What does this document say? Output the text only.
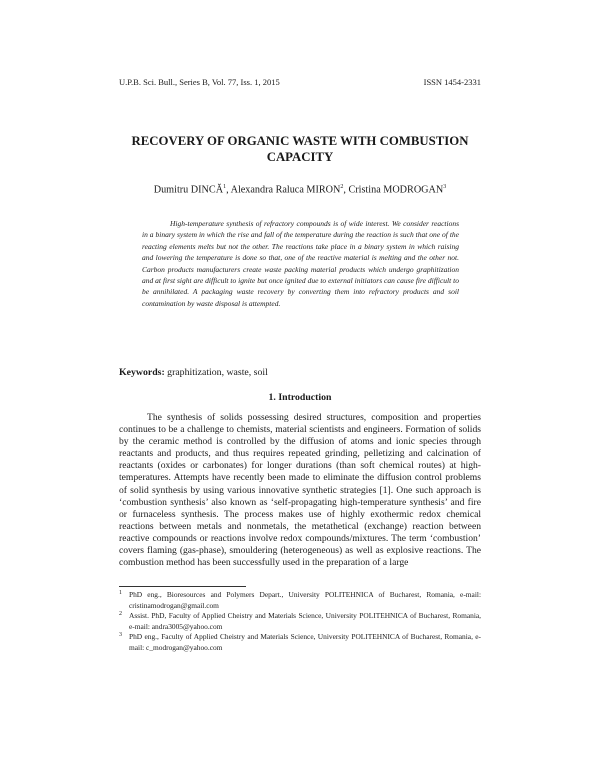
U.P.B. Sci. Bull., Series B, Vol. 77, Iss. 1, 2015	ISSN 1454-2331
RECOVERY OF ORGANIC WASTE WITH COMBUSTION
CAPACITY
Dumitru DINCĂ$^1$, Alexandra Raluca MIRON$^2$, Cristina MODROGAN$^3$

High-temperature synthesis of refractory compounds is of wide interest. We consider reactions in a binary system in which the rise and fall of the temperature during the reaction is such that one of the reacting elements melts but not the other. The reactions take place in a binary system in which raising and lowering the temperature is done so that, one of the reactive material is melting and the other not. Carbon products manufacturers create waste packing material products which undergo graphitization and at first sight are difficult to ignite but once ignited due to external initiators can cause fire difficult to be annihilated. A packaging waste recovery by converting them into refractory products and soil contamination by waste disposal is attempted.

Keywords: graphitization, waste, soil
1. Introduction

The synthesis of solids possessing desired structures, composition and properties continues to be a challenge to chemists, material scientists and engineers. Formation of solids by the ceramic method is controlled by the diffusion of atoms and ionic species through reactants and products, and thus requires repeated grinding, pelletizing and calcination of reactants (oxides or carbonates) for longer durations (than soft chemical routes) at high-temperatures. Attempts have recently been made to eliminate the diffusion control problems of solid synthesis by using various innovative synthetic strategies [1]. One such approach is ‘combustion synthesis’ also known as ‘self-propagating high-temperature synthesis’ and fire or furnaceless synthesis. The process makes use of highly exothermic redox chemical reactions between metals and nonmetals, the metathetical (exchange) reaction between reactive compounds or reactions involve redox compounds/mixtures. The term ‘combustion’ covers flaming (gas-phase), smouldering (heterogeneous) as well as explosive reactions. The combustion method has been successfully used in the preparation of a large

1 PhD eng., Bioresources and Polymers Depart., University POLITEHNICA of Bucharest, Romania, e-mail: cristinamodrogan@gmail.com
2 Assist. PhD, Faculty of Applied Cheistry and Materials Science, University POLITEHNICA of Bucharest, Romania, e-mail: andra3005@yahoo.com
3 PhD eng., Faculty of Applied Cheistry and Materials Science, University POLITEHNICA of Bucharest, Romania, e-mail: c_modrogan@yahoo.com
